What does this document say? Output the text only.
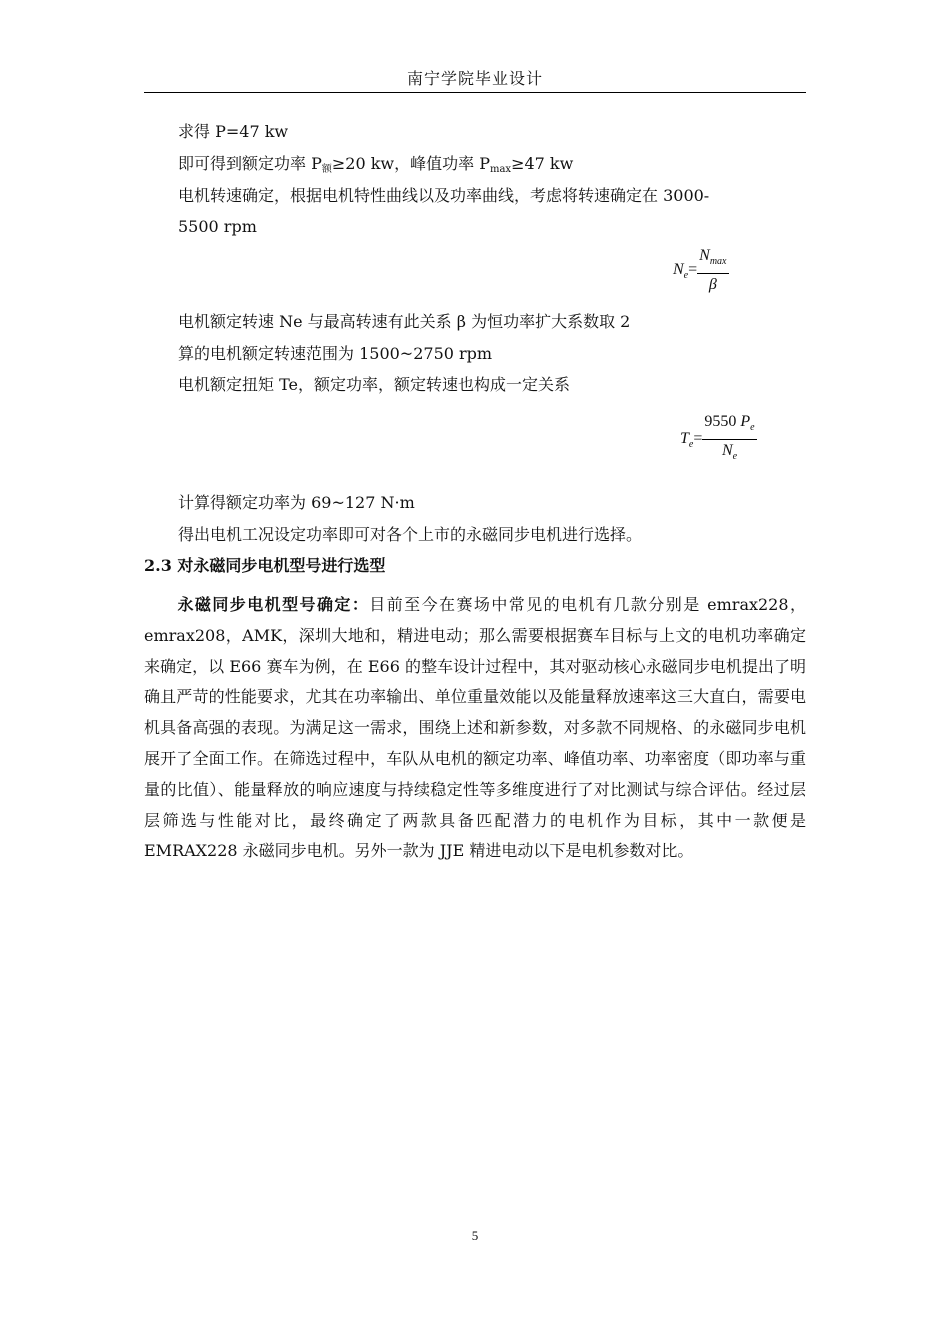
南宁学院毕业设计
求得 P=47 kw
即可得到额定功率 $P_额\ge 20$ kw，峰值功率 $P_{max}\ge 47$ kw
电机转速确定，根据电机特性曲线以及功率曲线，考虑将转速确定在 3000-
5500 rpm
$N_e= \frac{N_{max}}{\beta}$
电机额定转速 Ne 与最高转速有此关系 β 为恒功率扩大系数取 2
算的电机额定转速范围为 1500~2750 rpm
电机额定扭矩 Te，额定功率，额定转速也构成一定关系
$T_e= \frac{9550 P_e}{N_e}$
计算得额定功率为 69~127 N·m
得出电机工况设定功率即可对各个上市的永磁同步电机进行选择。
2.3 对永磁同步电机型号进行选型
永磁同步电机型号确定：目前至今在赛场中常见的电机有几款分别是 emrax228，emrax208，AMK，深圳大地和，精进电动；那么需要根据赛车目标与上文的电机功率确定来确定，以 E66 赛车为例，在 E66 的整车设计过程中，其对驱动核心永磁同步电机提出了明确且严苛的性能要求，尤其在功率输出、单位重量效能以及能量释放速率这三大直白，需要电机具备高强的表现。为满足这一需求，围绕上述和新参数，对多款不同规格、的永磁同步电机展开了全面工作。在筛选过程中，车队从电机的额定功率、峰值功率、功率密度（即功率与重量的比值）、能量释放的响应速度与持续稳定性等多维度进行了对比测试与综合评估。经过层层筛选与性能对比，最终确定了两款具备匹配潜力的电机作为目标，其中一款便是 EMRAX228 永磁同步电机。另外一款为 JJE 精进电动以下是电机参数对比。
5
